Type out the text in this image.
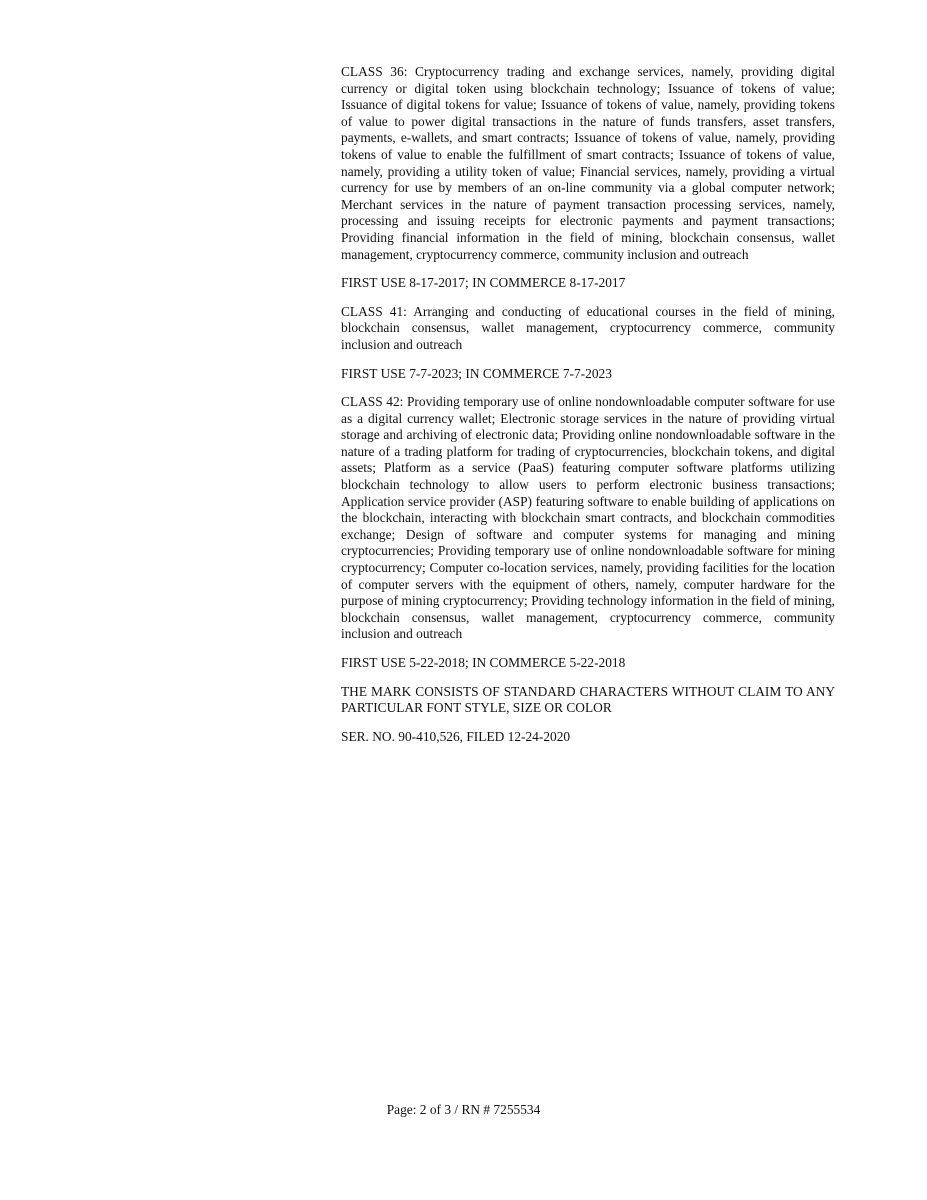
CLASS 36: Cryptocurrency trading and exchange services, namely, providing digital currency or digital token using blockchain technology; Issuance of tokens of value; Issuance of digital tokens for value; Issuance of tokens of value, namely, providing tokens of value to power digital transactions in the nature of funds transfers, asset transfers, payments, e-wallets, and smart contracts; Issuance of tokens of value, namely, providing tokens of value to enable the fulfillment of smart contracts; Issuance of tokens of value, namely, providing a utility token of value; Financial services, namely, providing a virtual currency for use by members of an on-line community via a global computer network; Merchant services in the nature of payment transaction processing services, namely, processing and issuing receipts for electronic payments and payment transactions; Providing financial information in the field of mining, blockchain consensus, wallet management, cryptocurrency commerce, community inclusion and outreach

FIRST USE 8-17-2017; IN COMMERCE 8-17-2017

CLASS 41: Arranging and conducting of educational courses in the field of mining, blockchain consensus, wallet management, cryptocurrency commerce, community inclusion and outreach

FIRST USE 7-7-2023; IN COMMERCE 7-7-2023

CLASS 42: Providing temporary use of online nondownloadable computer software for use as a digital currency wallet; Electronic storage services in the nature of providing virtual storage and archiving of electronic data; Providing online nondownloadable software in the nature of a trading platform for trading of cryptocurrencies, blockchain tokens, and digital assets; Platform as a service (PaaS) featuring computer software platforms utilizing blockchain technology to allow users to perform electronic business transactions; Application service provider (ASP) featuring software to enable building of applications on the blockchain, interacting with blockchain smart contracts, and blockchain commodities exchange; Design of software and computer systems for managing and mining cryptocurrencies; Providing temporary use of online nondownloadable software for mining cryptocurrency; Computer co-location services, namely, providing facilities for the location of computer servers with the equipment of others, namely, computer hardware for the purpose of mining cryptocurrency; Providing technology information in the field of mining, blockchain consensus, wallet management, cryptocurrency commerce, community inclusion and outreach

FIRST USE 5-22-2018; IN COMMERCE 5-22-2018

THE MARK CONSISTS OF STANDARD CHARACTERS WITHOUT CLAIM TO ANY PARTICULAR FONT STYLE, SIZE OR COLOR

SER. NO. 90-410,526, FILED 12-24-2020

Page: 2 of 3 / RN # 7255534
